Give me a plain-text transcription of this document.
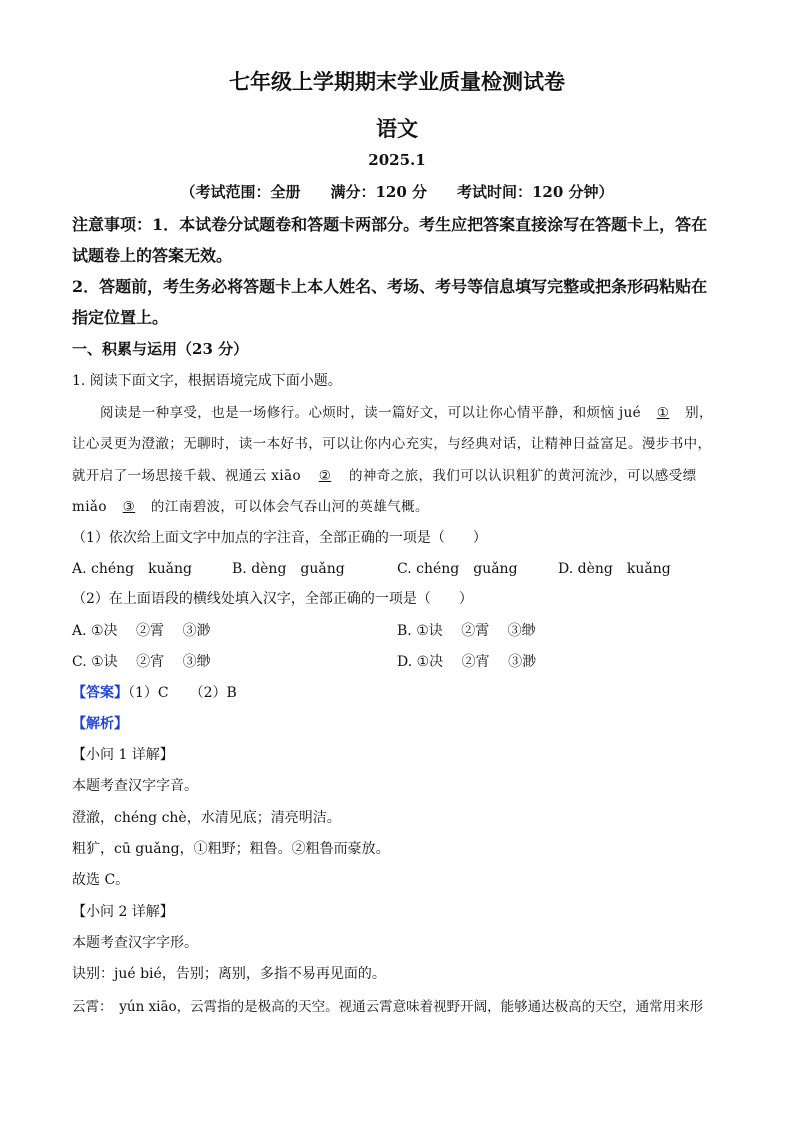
七年级上学期期末学业质量检测试卷
语文
2025.1
（考试范围：全册　　满分：120 分　　考试时间：120 分钟）
注意事项：1．本试卷分试题卷和答题卡两部分。考生应把答案直接涂写在答题卡上，答在
试题卷上的答案无效。
2．答题前，考生务必将答题卡上本人姓名、考场、考号等信息填写完整或把条形码粘贴在
指定位置上。
一、积累与运用（23 分）
1. 阅读下面文字，根据语境完成下面小题。
阅读是一种享受，也是一场修行。心烦时，读一篇好文，可以让你心情平静，和烦恼 jué ① 别，
让心灵更为澄澈；无聊时，读一本好书，可以让你内心充实，与经典对话，让精神日益富足。漫步书中，
就开启了一场思接千载、视通云 xiāo ② 的神奇之旅，我们可以认识粗犷的黄河流沙，可以感受缥
miǎo ③ 的江南碧波，可以体会气吞山河的英雄气概。
（1）依次给上面文字中加点的字注音，全部正确的一项是（　　）
A. chéng　kuǎng	B. dèng　guǎng	C. chéng　guǎng	D. dèng　kuǎng
（2）在上面语段的横线处填入汉字，全部正确的一项是（　　）
A. ①决　 ②霄　 ③渺	B. ①诀　 ②霄　 ③缈
C. ①诀　 ②宵　 ③缈	D. ①决　 ②宵　 ③渺
【答案】（1）C　　（2）B
【解析】
【小问 1 详解】
本题考查汉字字音。
澄澈，chéng chè，水清见底；清亮明洁。
粗犷，cū guǎng，①粗野；粗鲁。②粗鲁而豪放。
故选 C。
【小问 2 详解】
本题考查汉字字形。
诀别：jué bié，告别；离别，多指不易再见面的。
云霄：　yún xiāo，云霄指的是极高的天空。视通云霄意味着视野开阔，能够通达极高的天空，通常用来形
